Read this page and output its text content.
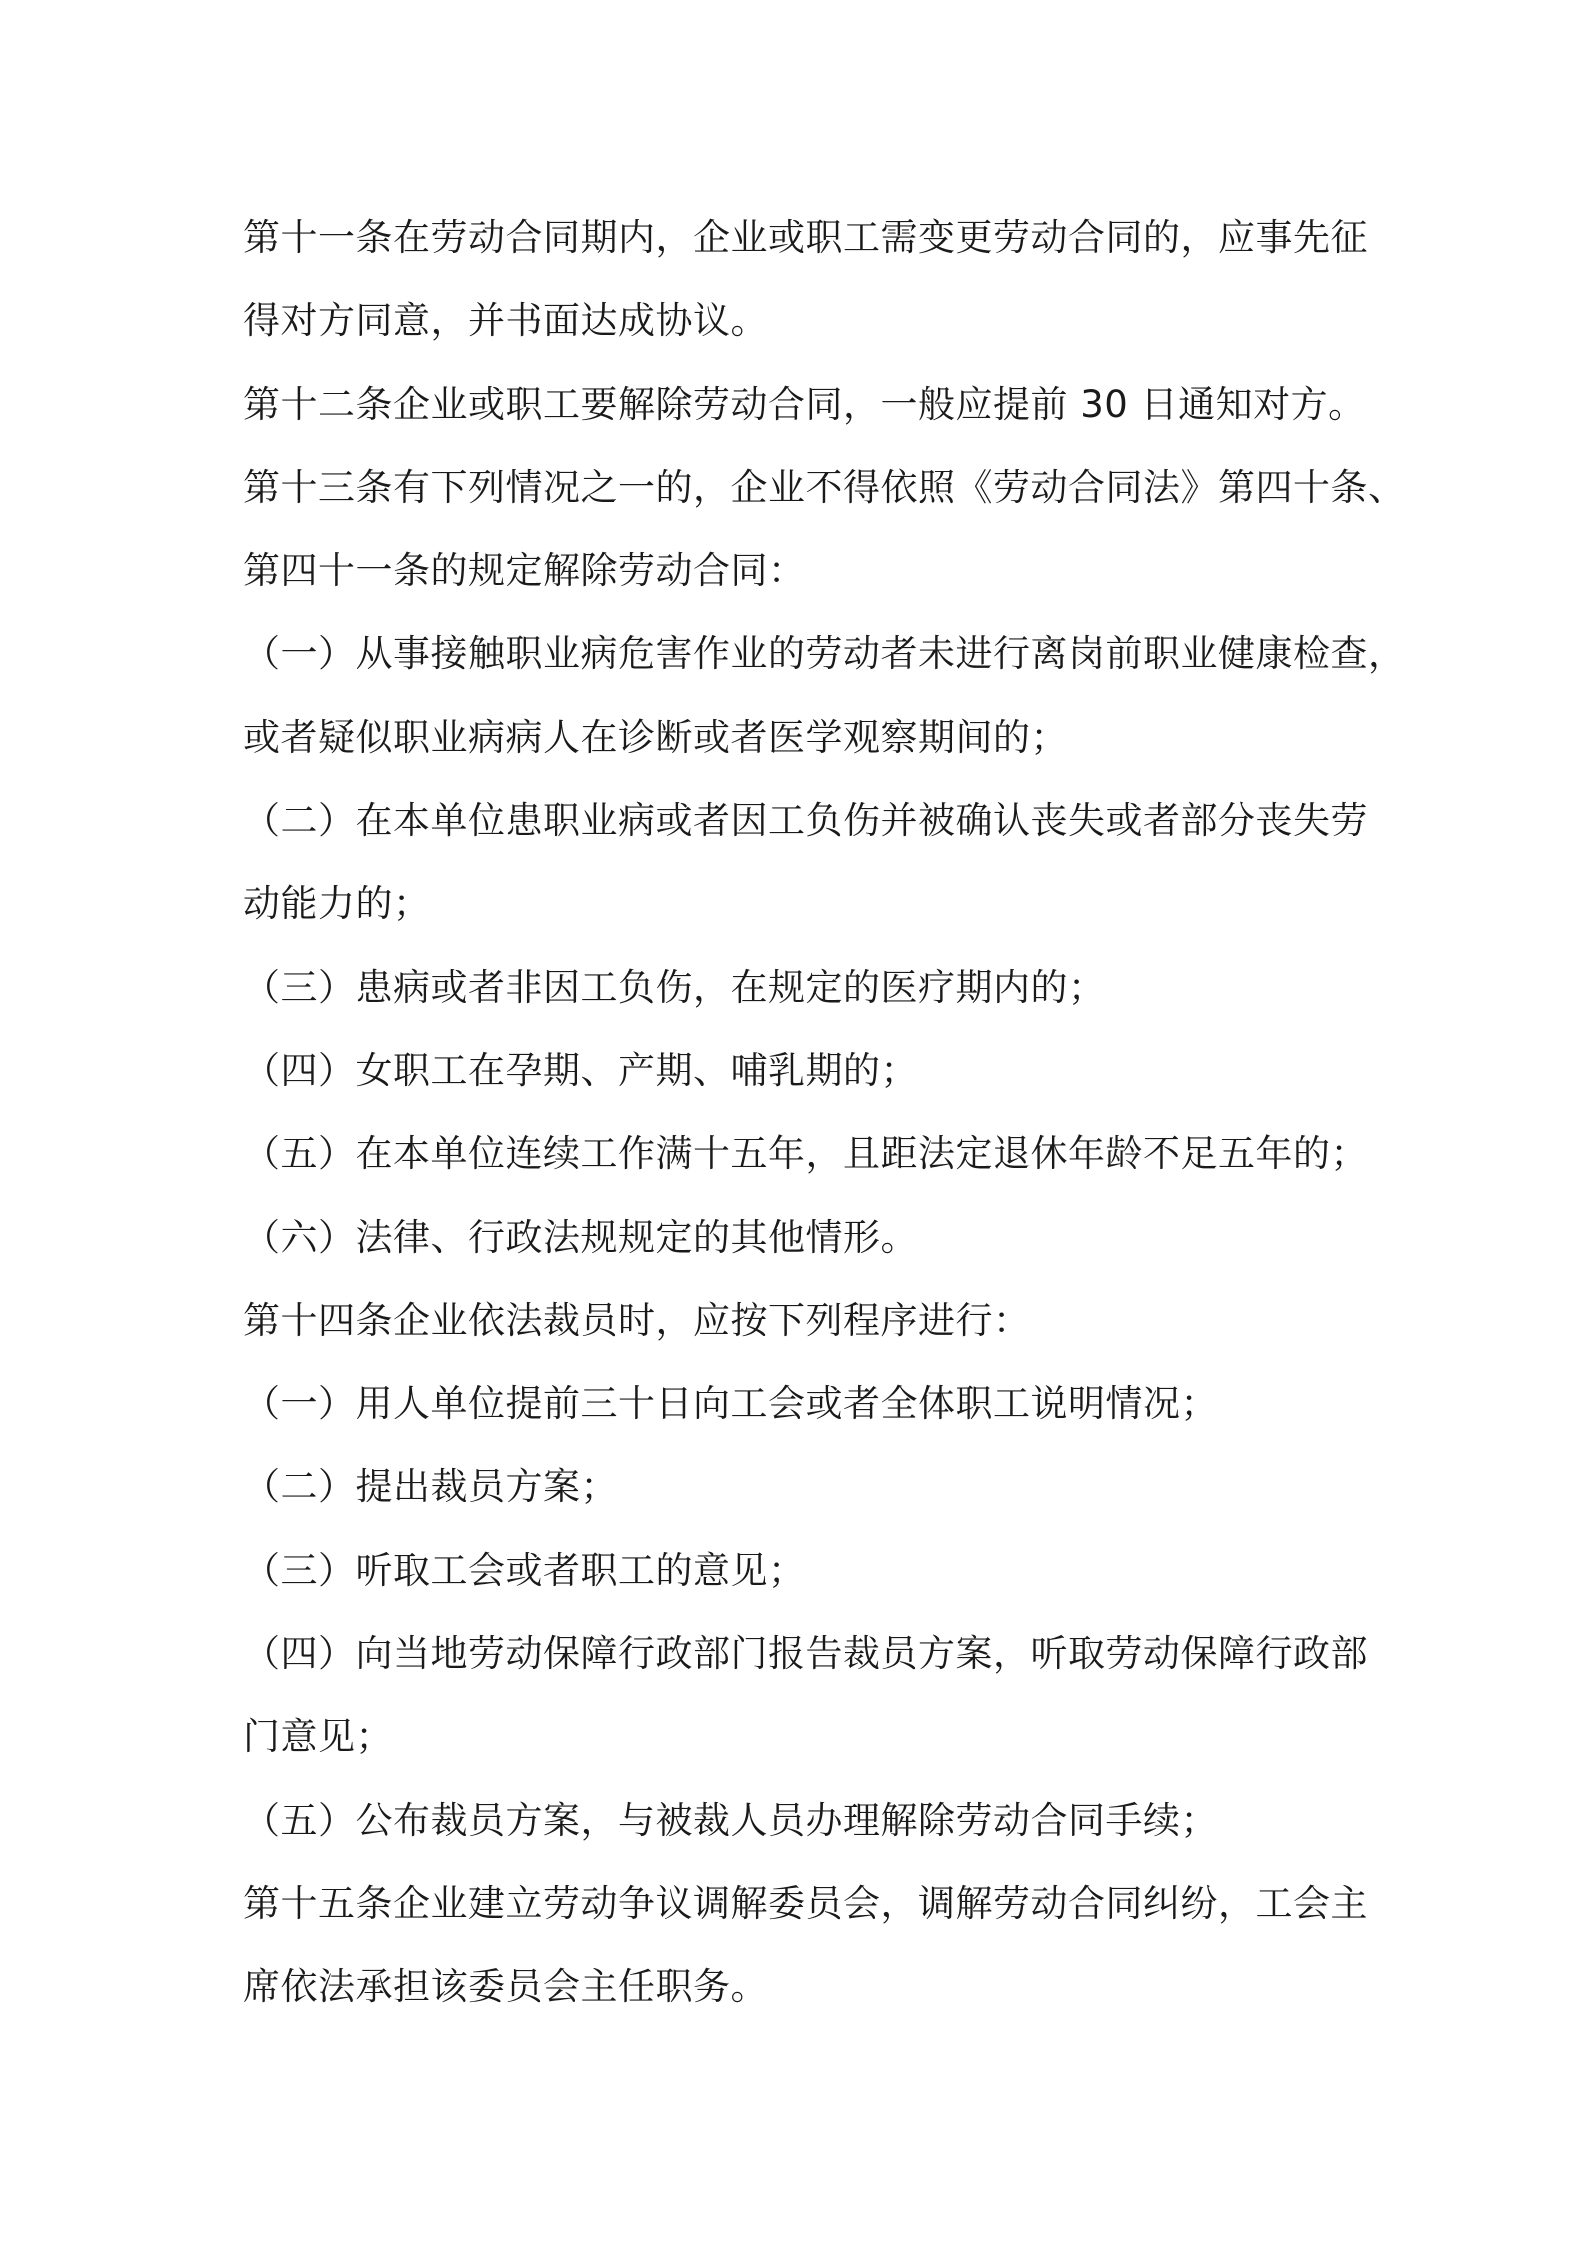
第十一条在劳动合同期内，企业或职工需变更劳动合同的，应事先征
得对方同意，并书面达成协议。
第十二条企业或职工要解除劳动合同，一般应提前 30 日通知对方。
第十三条有下列情况之一的，企业不得依照《劳动合同法》第四十条、
第四十一条的规定解除劳动合同：
（一）从事接触职业病危害作业的劳动者未进行离岗前职业健康检查，
或者疑似职业病病人在诊断或者医学观察期间的；
（二）在本单位患职业病或者因工负伤并被确认丧失或者部分丧失劳
动能力的；
（三）患病或者非因工负伤，在规定的医疗期内的；
（四）女职工在孕期、产期、哺乳期的；
（五）在本单位连续工作满十五年，且距法定退休年龄不足五年的；
（六）法律、行政法规规定的其他情形。
第十四条企业依法裁员时，应按下列程序进行：
（一）用人单位提前三十日向工会或者全体职工说明情况；
（二）提出裁员方案；
（三）听取工会或者职工的意见；
（四）向当地劳动保障行政部门报告裁员方案，听取劳动保障行政部
门意见；
（五）公布裁员方案，与被裁人员办理解除劳动合同手续；
第十五条企业建立劳动争议调解委员会，调解劳动合同纠纷，工会主
席依法承担该委员会主任职务。
